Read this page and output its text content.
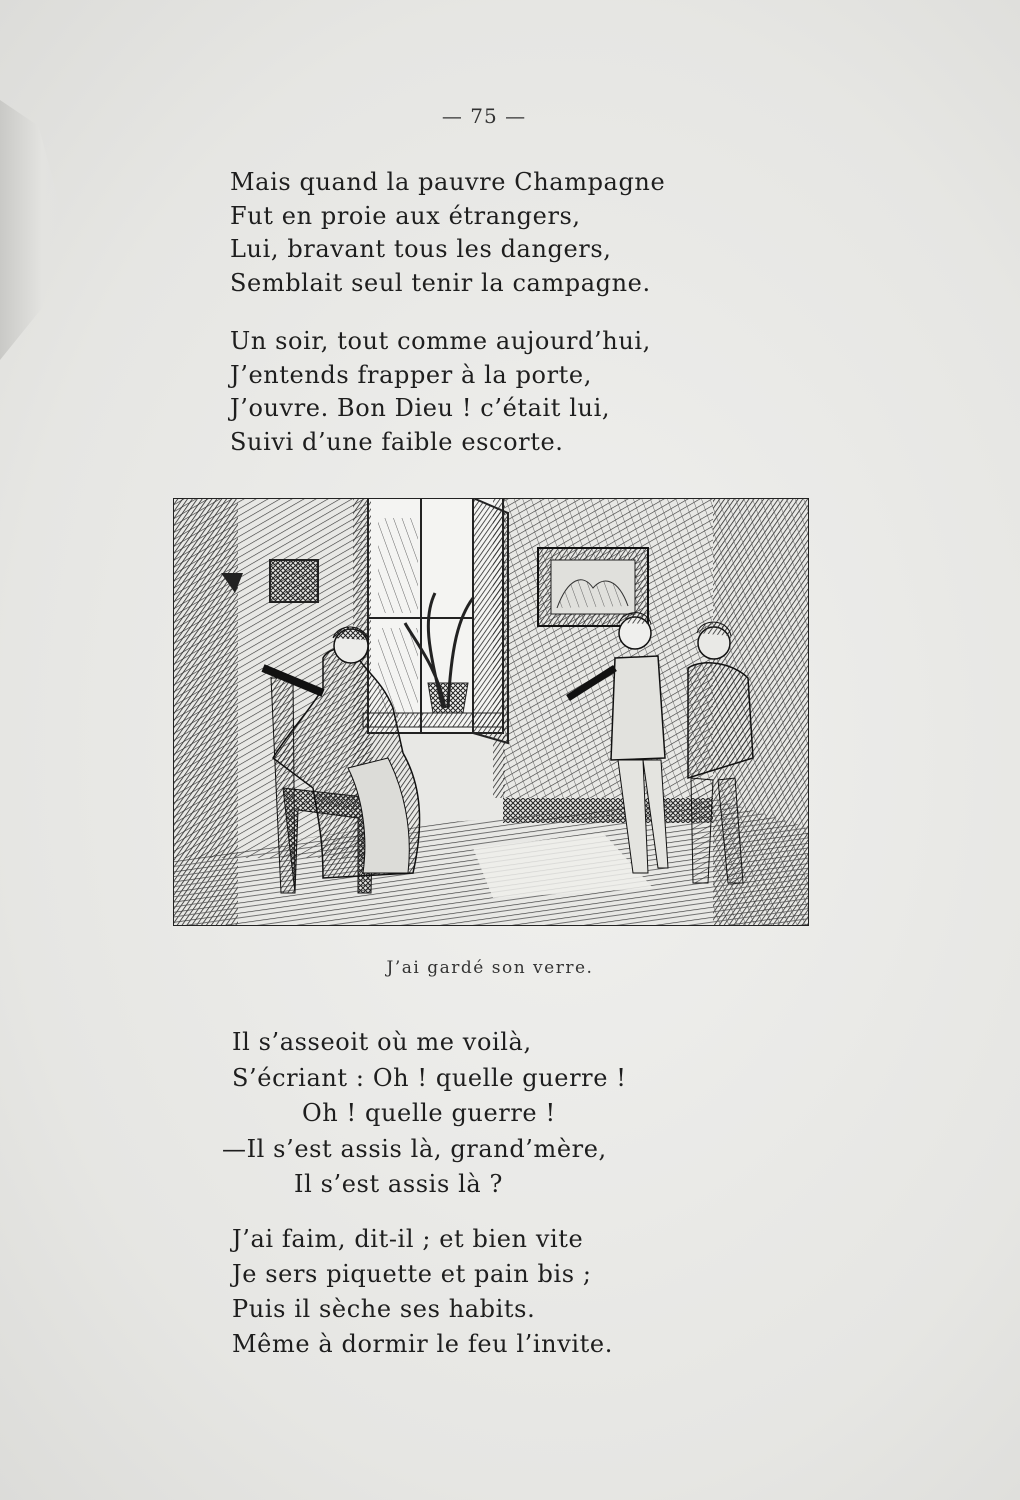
— 75 —
Mais quand la pauvre Champagne
Fut en proie aux étrangers,
Lui, bravant tous les dangers,
Semblait seul tenir la campagne.
Un soir, tout comme aujourd’hui,
J’entends frapper à la porte,
J’ouvre. Bon Dieu ! c’était lui,
Suivi d’une faible escorte.
J’ai gardé son verre.
Il s’asseoit où me voilà,
S’écriant : Oh ! quelle guerre !
Oh ! quelle guerre !
—Il s’est assis là, grand’mère,
Il s’est assis là ?
J’ai faim, dit-il ; et bien vite
Je sers piquette et pain bis ;
Puis il sèche ses habits.
Même à dormir le feu l’invite.
